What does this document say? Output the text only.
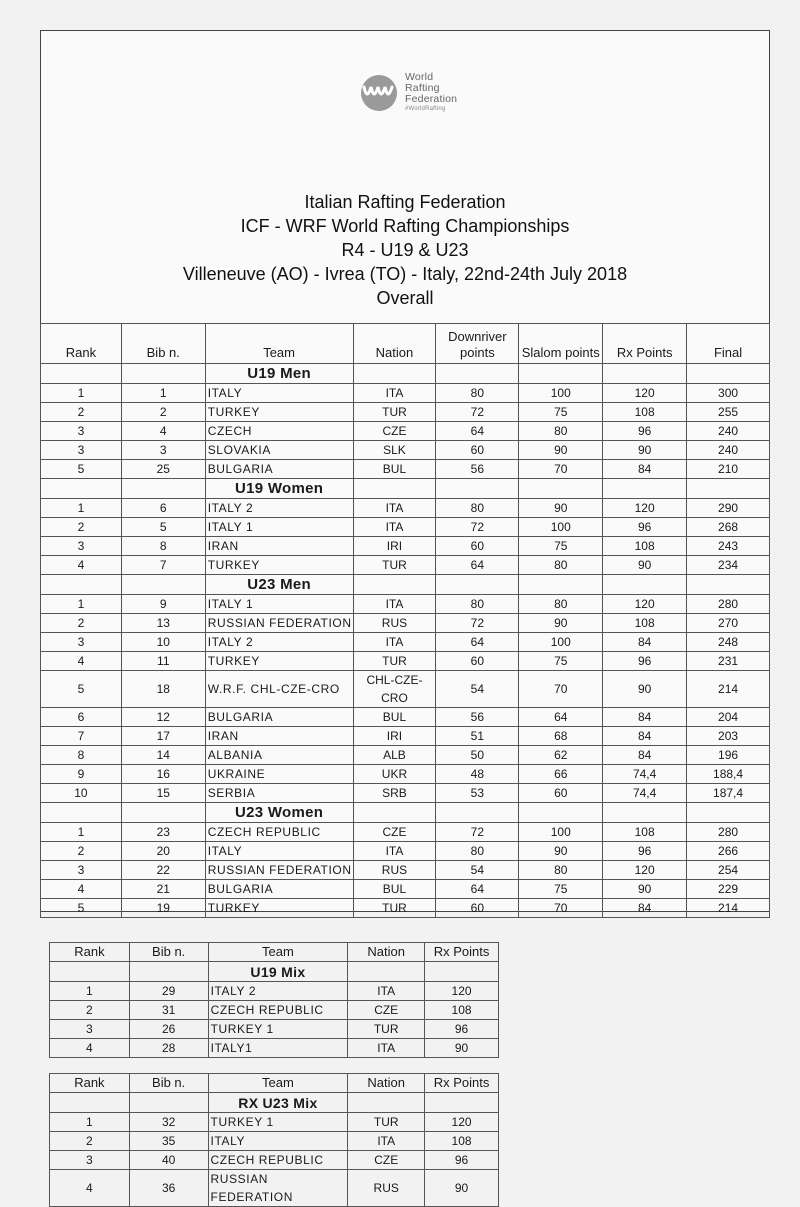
World
Rafting
Federation
#WorldRafting
Italian Rafting Federation
ICF - WRF World Rafting Championships
R4 - U19 & U23
Villeneuve (AO) - Ivrea (TO) - Italy, 22nd-24th July 2018
Overall
Rank	Bib n.	Team	Nation	Downriver points	Slalom points	Rx Points	Final
		U19 Men					
1	1	ITALY	ITA	80	100	120	300
2	2	TURKEY	TUR	72	75	108	255
3	4	CZECH	CZE	64	80	96	240
3	3	SLOVAKIA	SLK	60	90	90	240
5	25	BULGARIA	BUL	56	70	84	210
		U19 Women					
1	6	ITALY 2	ITA	80	90	120	290
2	5	ITALY 1	ITA	72	100	96	268
3	8	IRAN	IRI	60	75	108	243
4	7	TURKEY	TUR	64	80	90	234
		U23 Men					
1	9	ITALY 1	ITA	80	80	120	280
2	13	RUSSIAN FEDERATION	RUS	72	90	108	270
3	10	ITALY 2	ITA	64	100	84	248
4	11	TURKEY	TUR	60	75	96	231
5	18	W.R.F. CHL-CZE-CRO	CHL-CZE-CRO	54	70	90	214
6	12	BULGARIA	BUL	56	64	84	204
7	17	IRAN	IRI	51	68	84	203
8	14	ALBANIA	ALB	50	62	84	196
9	16	UKRAINE	UKR	48	66	74,4	188,4
10	15	SERBIA	SRB	53	60	74,4	187,4
		U23 Women					
1	23	CZECH REPUBLIC	CZE	72	100	108	280
2	20	ITALY	ITA	80	90	96	266
3	22	RUSSIAN FEDERATION	RUS	54	80	120	254
4	21	BULGARIA	BUL	64	75	90	229
5	19	TURKEY	TUR	60	70	84	214
Rank	Bib n.	Team	Nation	Rx Points
		U19 Mix		
1	29	ITALY 2	ITA	120
2	31	CZECH REPUBLIC	CZE	108
3	26	TURKEY 1	TUR	96
4	28	ITALY1	ITA	90
Rank	Bib n.	Team	Nation	Rx Points
		RX U23 Mix		
1	32	TURKEY 1	TUR	120
2	35	ITALY	ITA	108
3	40	CZECH REPUBLIC	CZE	96
4	36	RUSSIAN FEDERATION	RUS	90
